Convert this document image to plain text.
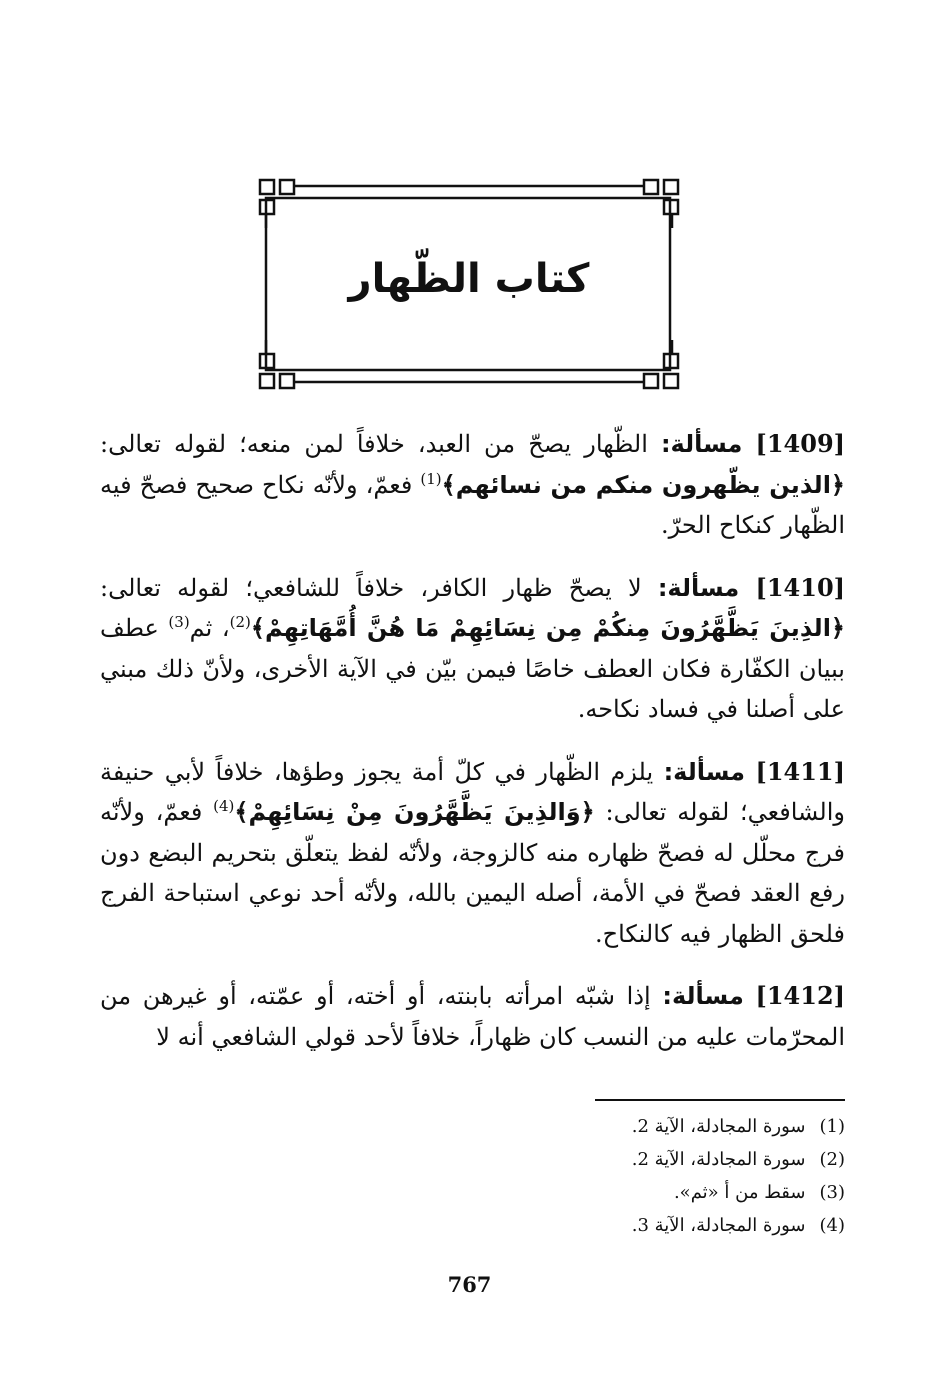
كتاب الظّهار

[1409] مسألة: الظّهار يصحّ من العبد، خلافاً لمن منعه؛ لقوله تعالى: ﴿الذين يظّهرون منكم من نسائهم﴾$^{(1)}$ فعمّ، ولأنّه نكاح صحيح فصحّ فيه الظّهار كنكاح الحرّ.

[1410] مسألة: لا يصحّ ظهار الكافر، خلافاً للشافعي؛ لقوله تعالى: ﴿الذِينَ يَظَّهَّرُونَ مِنكُمْ مِن نِسَائِهِمْ مَا هُنَّ أُمَّهَاتِهِمْ﴾$^{(2)}$، ثم$^{(3)}$ عطف ببيان الكفّارة فكان العطف خاصًا فيمن بيّن في الآية الأخرى، ولأنّ ذلك مبني على أصلنا في فساد نكاحه.

[1411] مسألة: يلزم الظّهار في كلّ أمة يجوز وطؤها، خلافاً لأبي حنيفة والشافعي؛ لقوله تعالى: ﴿وَالذِينَ يَظَّهَّرُونَ مِنْ نِسَائِهِمْ﴾$^{(4)}$ فعمّ، ولأنّه فرج محلّل له فصحّ ظهاره منه كالزوجة، ولأنّه لفظ يتعلّق بتحريم البضع دون رفع العقد فصحّ في الأمة، أصله اليمين بالله، ولأنّه أحد نوعي استباحة الفرج فلحق الظهار فيه كالنكاح.

[1412] مسألة: إذا شبّه امرأته بابنته، أو أخته، أو عمّته، أو غيرهن من المحرّمات عليه من النسب كان ظهاراً، خلافاً لأحد قولي الشافعي أنه لا

(1)سورة المجادلة، الآية 2.
(2)سورة المجادلة، الآية 2.
(3)سقط من أ «ثم».
(4)سورة المجادلة، الآية 3.
767
